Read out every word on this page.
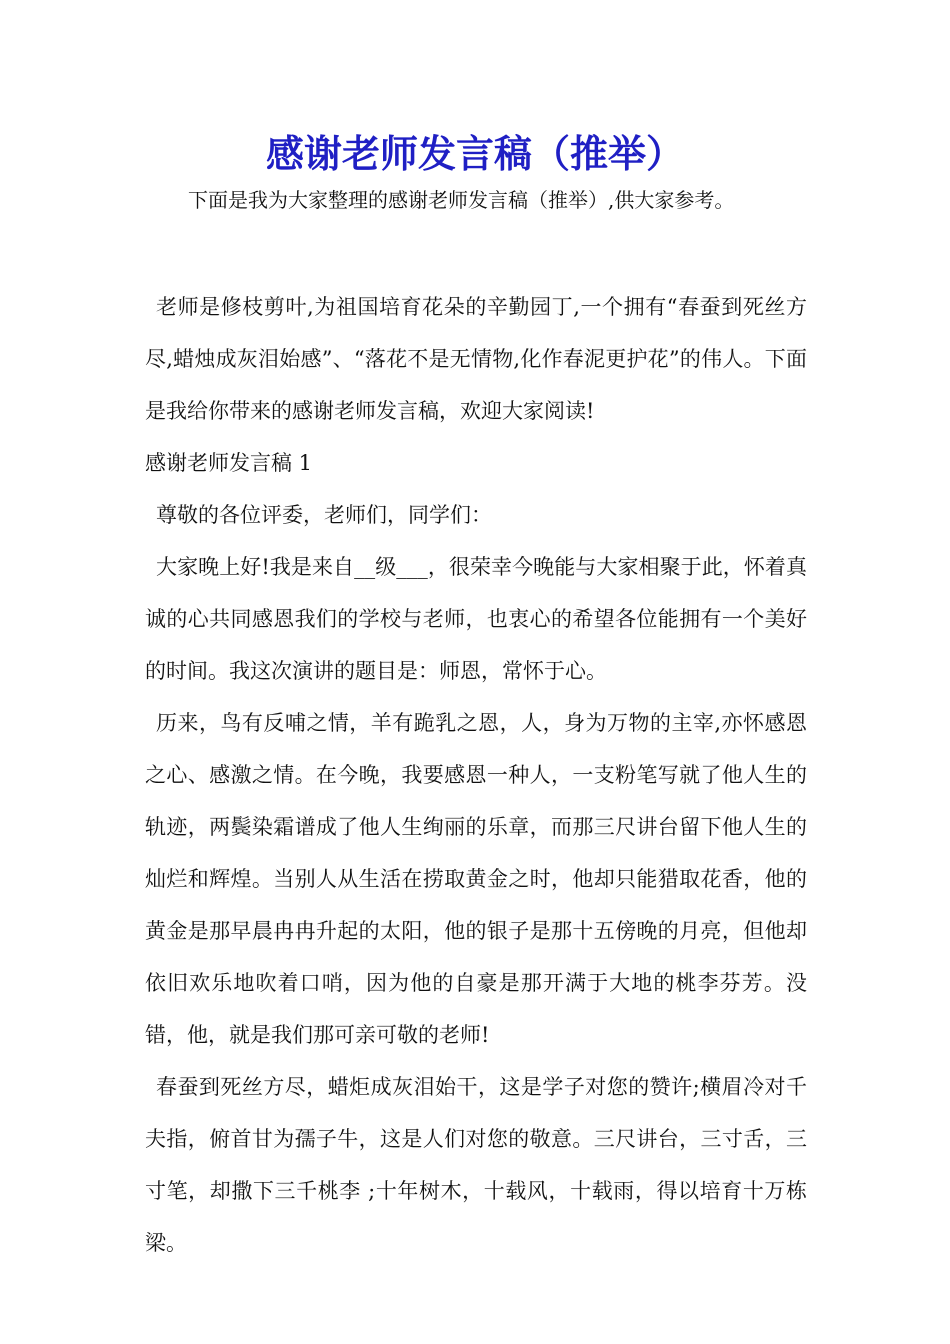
感谢老师发言稿（推举）

下面是我为大家整理的感谢老师发言稿（推举）,供大家参考。

老师是修枝剪叶,为祖国培育花朵的辛勤园丁,一个拥有“春蚕到死丝方尽,蜡烛成灰泪始感”、“落花不是无情物,化作春泥更护花”的伟人。下面是我给你带来的感谢老师发言稿，欢迎大家阅读!

感谢老师发言稿 1

尊敬的各位评委，老师们，同学们：

大家晚上好!我是来自__级___，很荣幸今晚能与大家相聚于此，怀着真诚的心共同感恩我们的学校与老师，也衷心的希望各位能拥有一个美好的时间。我这次演讲的题目是：师恩，常怀于心。

历来，鸟有反哺之情，羊有跪乳之恩，人，身为万物的主宰,亦怀感恩之心、感激之情。在今晚，我要感恩一种人，一支粉笔写就了他人生的轨迹，两鬓染霜谱成了他人生绚丽的乐章，而那三尺讲台留下他人生的灿烂和辉煌。当别人从生活在捞取黄金之时，他却只能猎取花香，他的黄金是那早晨冉冉升起的太阳，他的银子是那十五傍晚的月亮，但他却依旧欢乐地吹着口哨，因为他的自豪是那开满于大地的桃李芬芳。没错，他，就是我们那可亲可敬的老师!

春蚕到死丝方尽，蜡炬成灰泪始干，这是学子对您的赞许;横眉冷对千夫指，俯首甘为孺子牛，这是人们对您的敬意。三尺讲台，三寸舌，三寸笔，却撒下三千桃李 ;十年树木，十载风，十载雨，得以培育十万栋梁。
